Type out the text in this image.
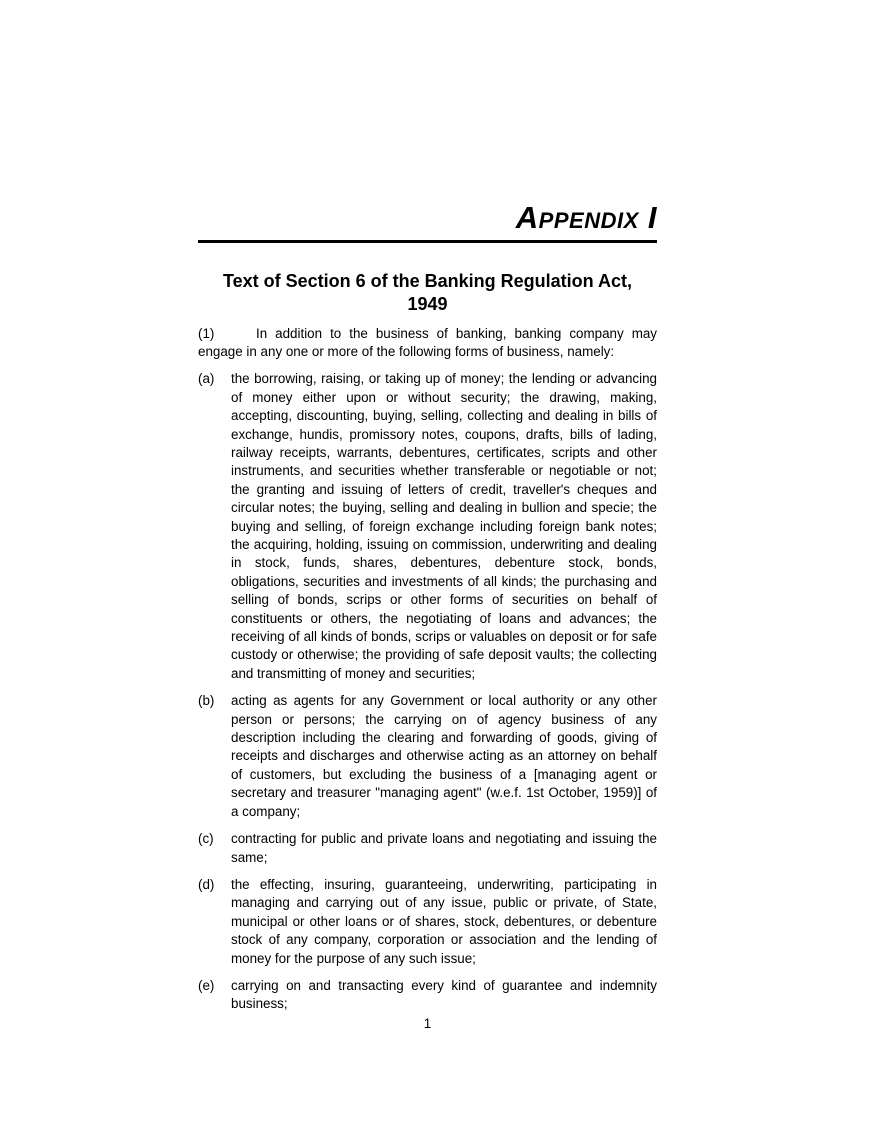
Appendix I
Text of Section 6 of the Banking Regulation Act,
1949

(1)	In addition to the business of banking, banking company may engage in any one or more of the following forms of business, namely:

(a) the borrowing, raising, or taking up of money; the lending or advancing of money either upon or without security; the drawing, making, accepting, discounting, buying, selling, collecting and dealing in bills of exchange, hundis, promissory notes, coupons, drafts, bills of lading, railway receipts, warrants, debentures, certificates, scripts and other instruments, and securities whether transferable or negotiable or not; the granting and issuing of letters of credit, traveller's cheques and circular notes; the buying, selling and dealing in bullion and specie; the buying and selling, of foreign exchange including foreign bank notes; the acquiring, holding, issuing on commission, underwriting and dealing in stock, funds, shares, debentures, debenture stock, bonds, obligations, securities and investments of all kinds; the purchasing and selling of bonds, scrips or other forms of securities on behalf of constituents or others, the negotiating of loans and advances; the receiving of all kinds of bonds, scrips or valuables on deposit or for safe custody or otherwise; the providing of safe deposit vaults; the collecting and transmitting of money and securities;
(b) acting as agents for any Government or local authority or any other person or persons; the carrying on of agency business of any description including the clearing and forwarding of goods, giving of receipts and discharges and otherwise acting as an attorney on behalf of customers, but excluding the business of a [managing agent or secretary and treasurer "managing agent" (w.e.f. 1st October, 1959)] of a company;
(c) contracting for public and private loans and negotiating and issuing the same;
(d) the effecting, insuring, guaranteeing, underwriting, participating in managing and carrying out of any issue, public or private, of State, municipal or other loans or of shares, stock, debentures, or debenture stock of any company, corporation or association and the lending of money for the purpose of any such issue;
(e) carrying on and transacting every kind of guarantee and indemnity business;
1
